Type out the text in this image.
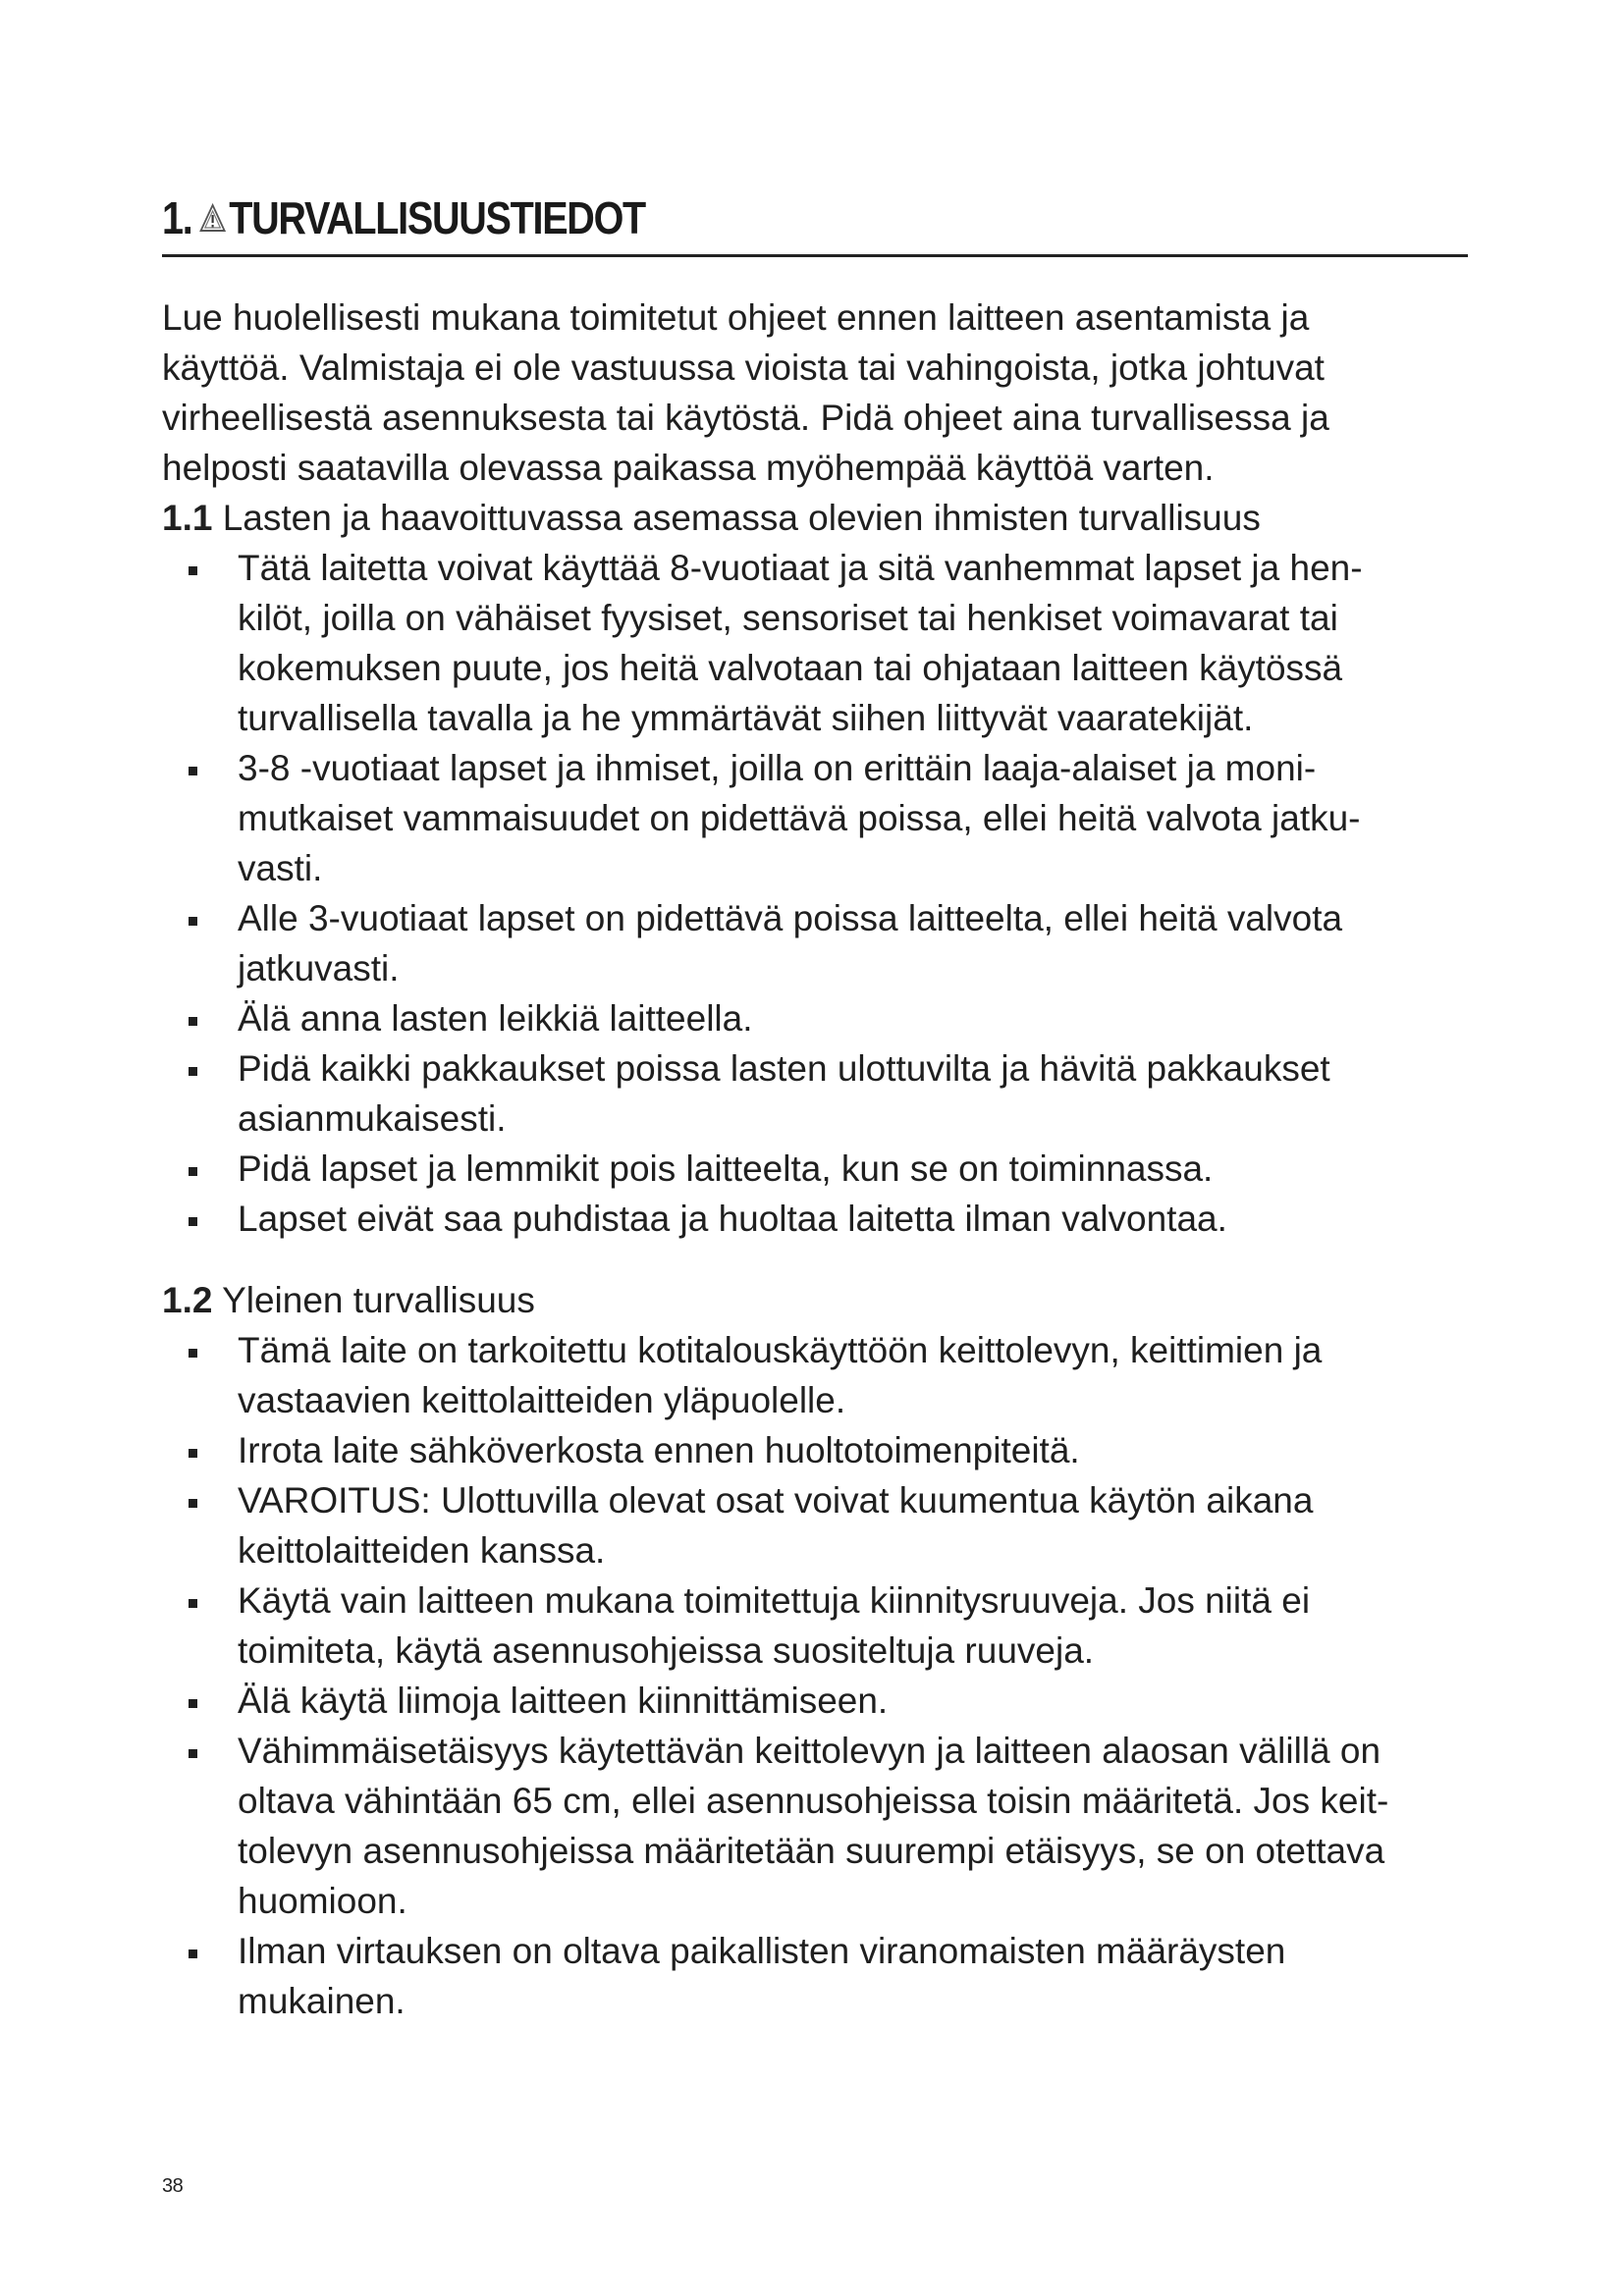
1. TURVALLISUUSTIEDOT
Lue huolellisesti mukana toimitetut ohjeet ennen laitteen asentamista ja
käyttöä. Valmistaja ei ole vastuussa vioista tai vahingoista, jotka johtuvat
virheellisestä asennuksesta tai käytöstä. Pidä ohjeet aina turvallisessa ja
helposti saatavilla olevassa paikassa myöhempää käyttöä varten.
1.1 Lasten ja haavoittuvassa asemassa olevien ihmisten turvallisuus
Tätä laitetta voivat käyttää 8-vuotiaat ja sitä vanhemmat lapset ja hen-
kilöt, joilla on vähäiset fyysiset, sensoriset tai henkiset voimavarat tai
kokemuksen puute, jos heitä valvotaan tai ohjataan laitteen käytössä
turvallisella tavalla ja he ymmärtävät siihen liittyvät vaaratekijät.
3-8 -vuotiaat lapset ja ihmiset, joilla on erittäin laaja-alaiset ja moni-
mutkaiset vammaisuudet on pidettävä poissa, ellei heitä valvota jatku-
vasti.
Alle 3-vuotiaat lapset on pidettävä poissa laitteelta, ellei heitä valvota
jatkuvasti.
Älä anna lasten leikkiä laitteella.
Pidä kaikki pakkaukset poissa lasten ulottuvilta ja hävitä pakkaukset
asianmukaisesti.
Pidä lapset ja lemmikit pois laitteelta, kun se on toiminnassa.
Lapset eivät saa puhdistaa ja huoltaa laitetta ilman valvontaa.
1.2 Yleinen turvallisuus
Tämä laite on tarkoitettu kotitalouskäyttöön keittolevyn, keittimien ja
vastaavien keittolaitteiden yläpuolelle.
Irrota laite sähköverkosta ennen huoltotoimenpiteitä.
VAROITUS: Ulottuvilla olevat osat voivat kuumentua käytön aikana
keittolaitteiden kanssa.
Käytä vain laitteen mukana toimitettuja kiinnitysruuveja. Jos niitä ei
toimiteta, käytä asennusohjeissa suositeltuja ruuveja.
Älä käytä liimoja laitteen kiinnittämiseen.
Vähimmäisetäisyys käytettävän keittolevyn ja laitteen alaosan välillä on
oltava vähintään 65 cm, ellei asennusohjeissa toisin määritetä. Jos keit-
tolevyn asennusohjeissa määritetään suurempi etäisyys, se on otettava
huomioon.
Ilman virtauksen on oltava paikallisten viranomaisten määräysten
mukainen.
38
